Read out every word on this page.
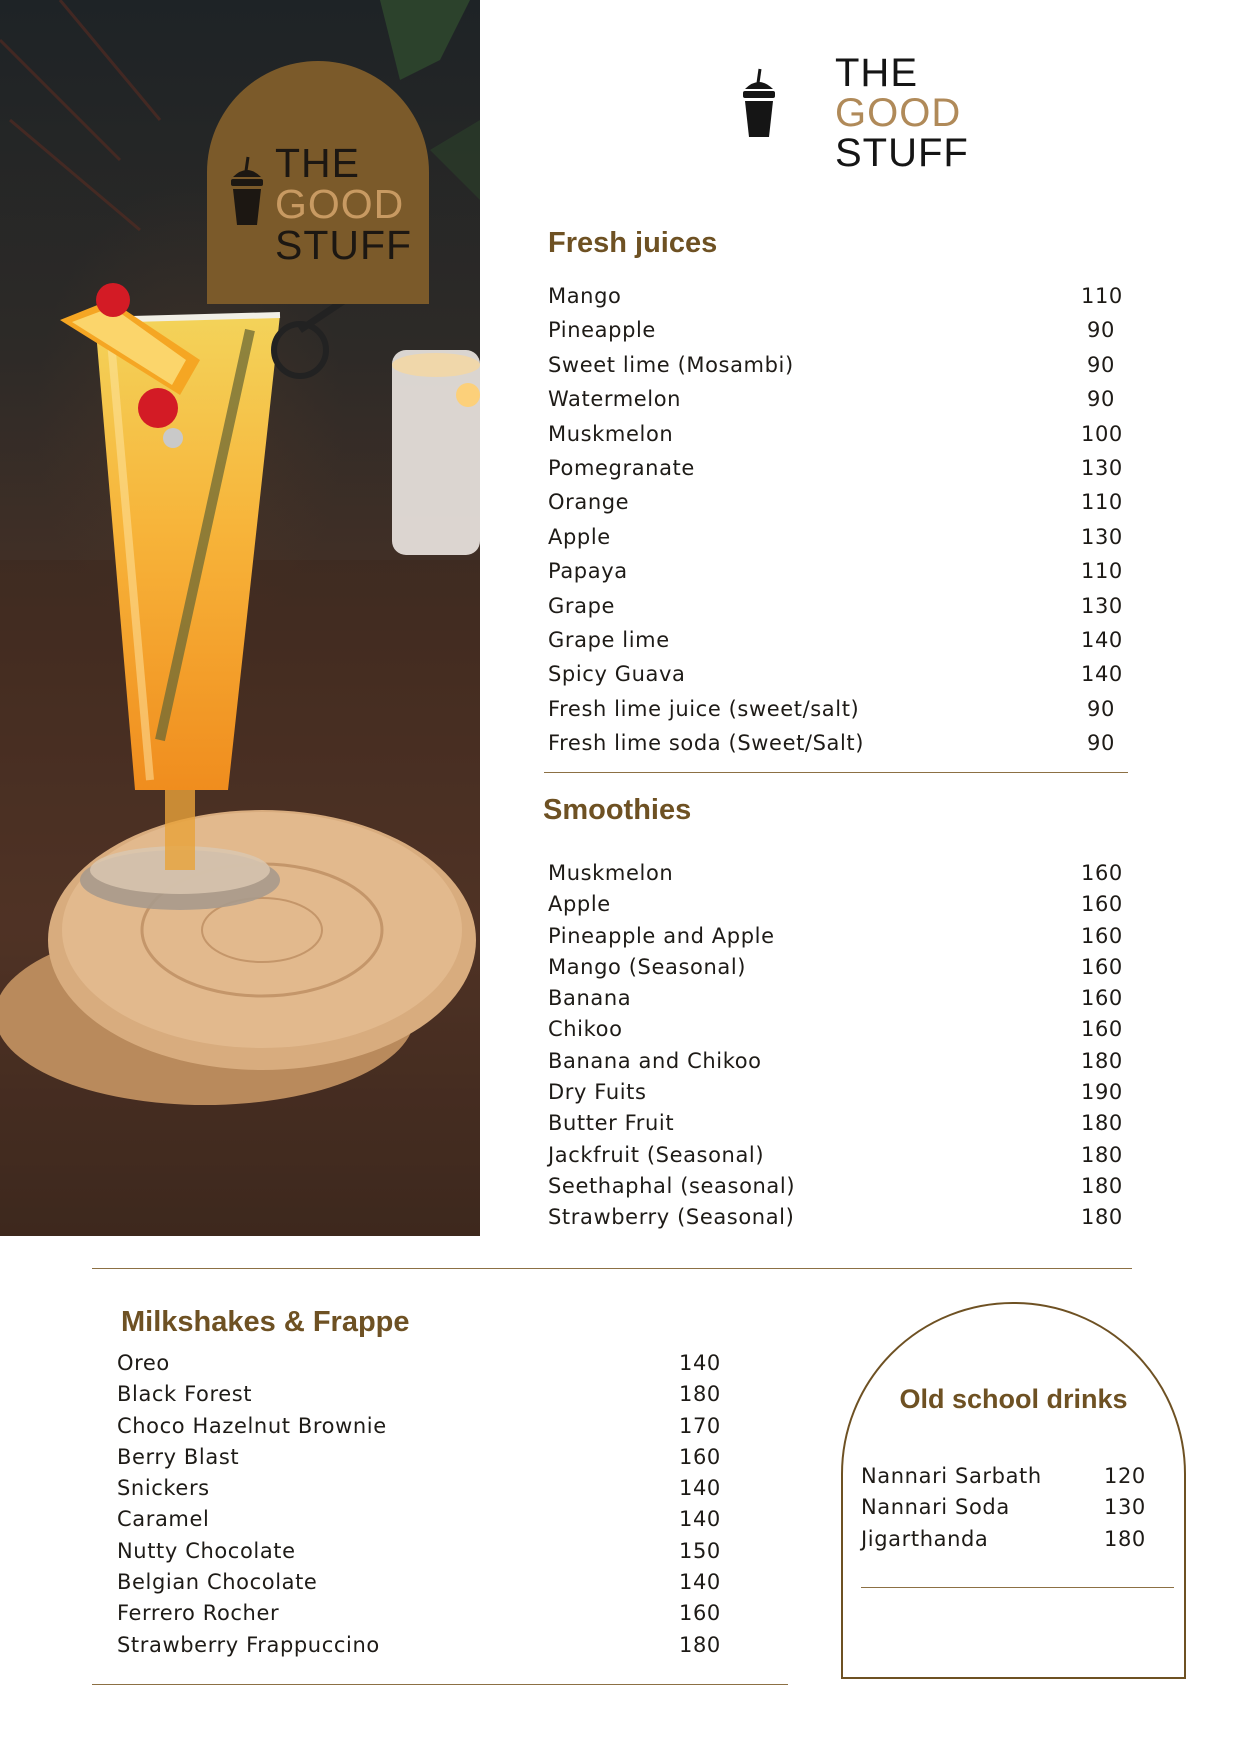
THE
GOOD
STUFF
THE
GOOD
STUFF
Fresh juices
Mango	110
Pineapple	90
Sweet lime (Mosambi)	90
Watermelon	90
Muskmelon	100
Pomegranate	130
Orange	110
Apple	130
Papaya	110
Grape	130
Grape lime	140
Spicy Guava	140
Fresh lime juice (sweet/salt)	90
Fresh lime soda (Sweet/Salt)	90
Smoothies
Muskmelon	160
Apple	160
Pineapple and Apple	160
Mango (Seasonal)	160
Banana	160
Chikoo	160
Banana and Chikoo	180
Dry Fuits	190
Butter Fruit	180
Jackfruit (Seasonal)	180
Seethaphal (seasonal)	180
Strawberry (Seasonal)	180
Milkshakes & Frappe
Oreo	140
Black Forest	180
Choco Hazelnut Brownie	170
Berry Blast	160
Snickers	140
Caramel	140
Nutty Chocolate	150
Belgian Chocolate	140
Ferrero Rocher	160
Strawberry Frappuccino	180
Old school drinks
Nannari Sarbath	120
Nannari Soda	130
Jigarthanda	180
